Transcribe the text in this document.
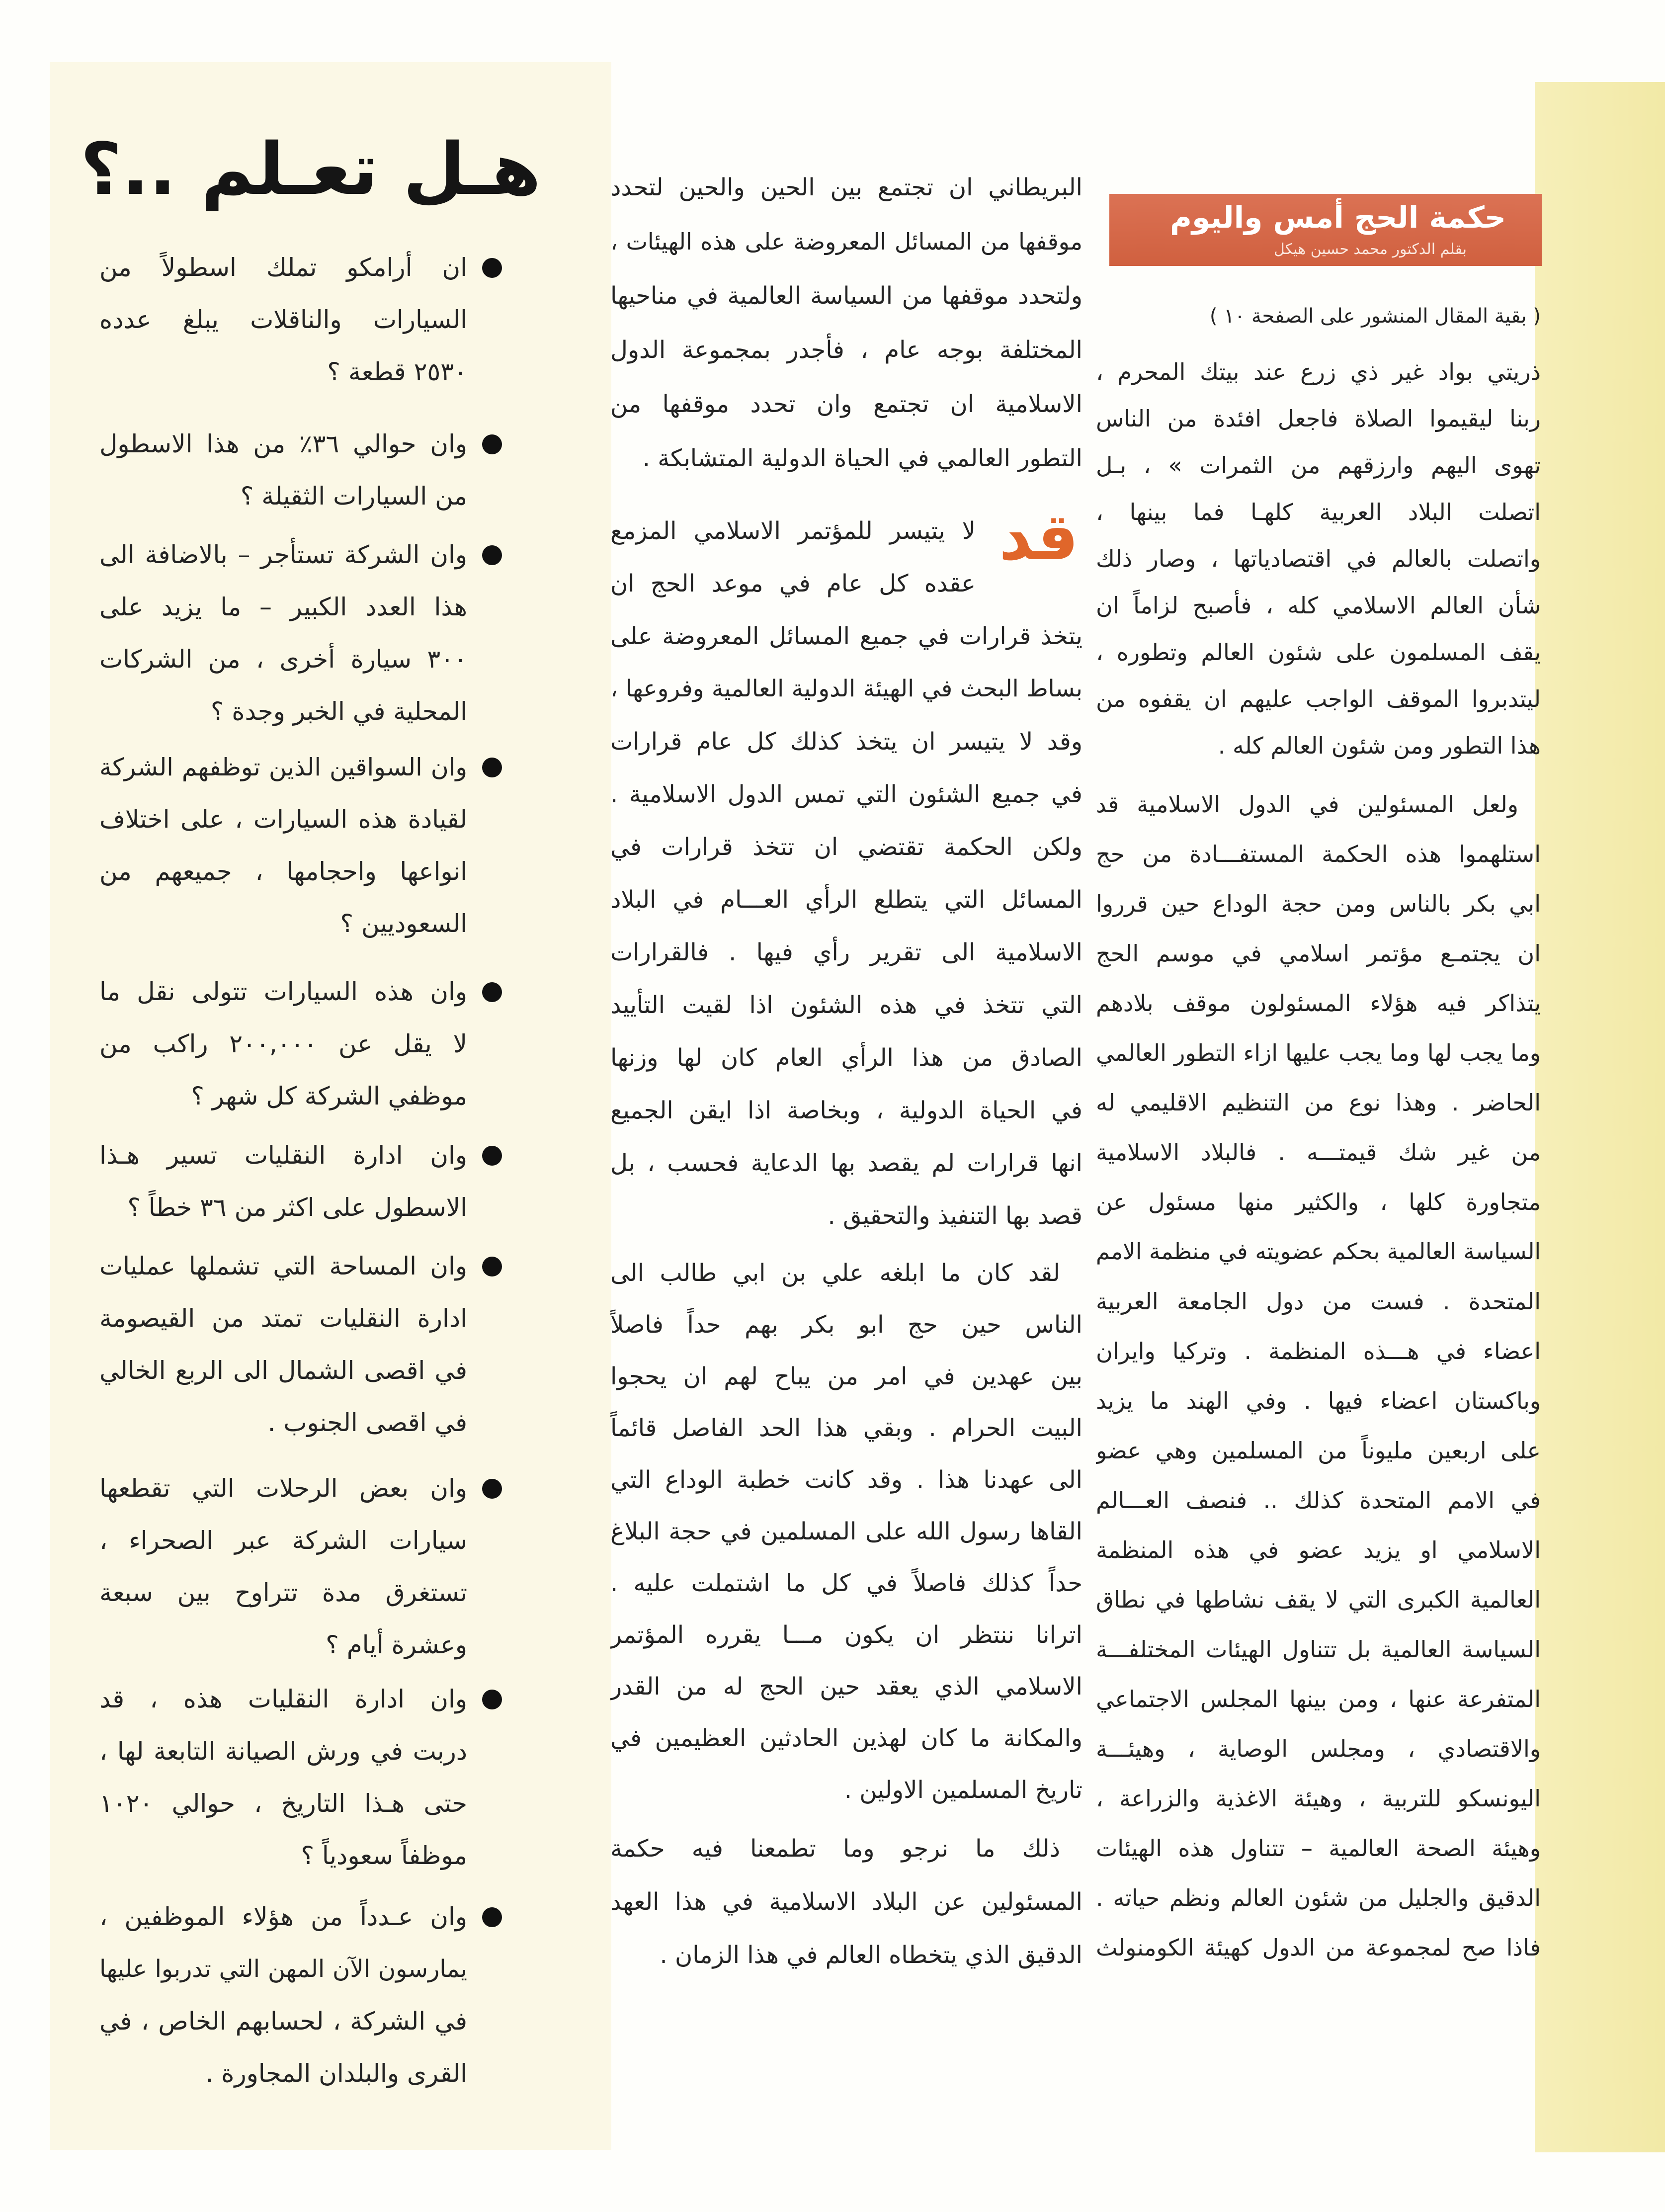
حكمة الحج أمس واليوم
بقلم الدكتور محمد حسين هيكل
( بقية المقال المنشور على الصفحة ١٠ )
ذريتي بواد غير ذي زرع عند بيتك المحرم ،
ربنا ليقيموا الصلاة فاجعل افئدة من الناس
تهوى اليهم وارزقهم من الثمرات » ، بـل
اتصلت البلاد العربية كلهـا فما بينها ،
واتصلت بالعالم في اقتصادياتها ، وصار ذلك
شأن العالم الاسلامي كله ، فأصبح لزاماً ان
يقف المسلمون على شئون العالم وتطوره ،
ليتدبروا الموقف الواجب عليهم ان يقفوه من
هذا التطور ومن شئون العالم كله .
ولعل المسئولين في الدول الاسلامية قد
استلهموا هذه الحكمة المستفـــادة من حج
ابي بكر بالناس ومن حجة الوداع حين قرروا
ان يجتمـع مؤتمر اسلامي في موسم الحج
يتذاكر فيه هؤلاء المسئولون موقف بلادهم
وما يجب لها وما يجب عليها ازاء التطور العالمي
الحاضر . وهذا نوع من التنظيم الاقليمي له
من غير شك قيمتـــه . فالبلاد الاسلامية
متجاورة كلها ، والكثير منها مسئول عن
السياسة العالمية بحكم عضويته في منظمة الامم
المتحدة . فست من دول الجامعة العربية
اعضاء في هـــذه المنظمة . وتركيا وايران
وباكستان اعضاء فيها . وفي الهند ما يزيد
على اربعين مليوناً من المسلمين وهي عضو
في الامم المتحدة كذلك .. فنصف العـــالم
الاسلامي او يزيد عضو في هذه المنظمة
العالمية الكبرى التي لا يقف نشاطها في نطاق
السياسة العالمية بل تتناول الهيئات المختلفـــة
المتفرعة عنها ، ومن بينها المجلس الاجتماعي
والاقتصادي ، ومجلس الوصاية ، وهيئـــة
اليونسكو للتربية ، وهيئة الاغذية والزراعة ،
وهيئة الصحة العالمية – تتناول هذه الهيئات
الدقيق والجليل من شئون العالم ونظم حياته .
فاذا صح لمجموعة من الدول كهيئة الكومنولث
البريطاني ان تجتمع بين الحين والحين لتحدد
موقفها من المسائل المعروضة على هذه الهيئات ،
ولتحدد موقفها من السياسة العالمية في مناحيها
المختلفة بوجه عام ، فأجدر بمجموعة الدول
الاسلامية ان تجتمع وان تحدد موقفها من
التطور العالمي في الحياة الدولية المتشابكة .
قد
لا يتيسر للمؤتمر الاسلامي المزمع
عقده كل عام في موعد الحج ان
يتخذ قرارات في جميع المسائل المعروضة على
بساط البحث في الهيئة الدولية العالمية وفروعها ،
وقد لا يتيسر ان يتخذ كذلك كل عام قرارات
في جميع الشئون التي تمس الدول الاسلامية .
ولكن الحكمة تقتضي ان تتخذ قرارات في
المسائل التي يتطلع الرأي العـــام في البلاد
الاسلامية الى تقرير رأي فيها . فالقرارات
التي تتخذ في هذه الشئون اذا لقيت التأييد
الصادق من هذا الرأي العام كان لها وزنها
في الحياة الدولية ، وبخاصة اذا ايقن الجميع
انها قرارات لم يقصد بها الدعاية فحسب ، بل
قصد بها التنفيذ والتحقيق .
لقد كان ما ابلغه علي بن ابي طالب الى
الناس حين حج ابو بكر بهم حداً فاصلاً
بين عهدين في امر من يباح لهم ان يحجوا
البيت الحرام . وبقي هذا الحد الفاصل قائماً
الى عهدنا هذا . وقد كانت خطبة الوداع التي
القاها رسول الله على المسلمين في حجة البلاغ
حداً كذلك فاصلاً في كل ما اشتملت عليه .
اترانا ننتظر ان يكون مـــا يقرره المؤتمر
الاسلامي الذي يعقد حين الحج له من القدر
والمكانة ما كان لهذين الحادثين العظيمين في
تاريخ المسلمين الاولين .
ذلك ما نرجو وما تطمعنا فيه حكمة
المسئولين عن البلاد الاسلامية في هذا العهد
الدقيق الذي يتخطاه العالم في هذا الزمان .
هـل تعـلم ..؟
ان أرامكو تملك اسطولاً من
السيارات والناقلات يبلغ عدده
٢٥٣٠ قطعة ؟
وان حوالي ٣٦٪ من هذا الاسطول
من السيارات الثقيلة ؟
وان الشركة تستأجر – بالاضافة الى
هذا العدد الكبير – ما يزيد على
٣٠٠ سيارة أخرى ، من الشركات
المحلية في الخبر وجدة ؟
وان السواقين الذين توظفهم الشركة
لقيادة هذه السيارات ، على اختلاف
انواعها واحجامها ، جميعهم من
السعوديين ؟
وان هذه السيارات تتولى نقل ما
لا يقل عن ٢٠٠,٠٠٠ راكب من
موظفي الشركة كل شهر ؟
وان ادارة النقليات تسير هـذا
الاسطول على اكثر من ٣٦ خطاً ؟
وان المساحة التي تشملها عمليات
ادارة النقليات تمتد من القيصومة
في اقصى الشمال الى الربع الخالي
في اقصى الجنوب .
وان بعض الرحلات التي تقطعها
سيارات الشركة عبر الصحراء ،
تستغرق مدة تتراوح بين سبعة
وعشرة أيام ؟
وان ادارة النقليات هذه ، قد
دربت في ورش الصيانة التابعة لها ،
حتى هـذا التاريخ ، حوالي ١٠٢٠
موظفاً سعودياً ؟
وان عـدداً من هؤلاء الموظفين ،
يمارسون الآن المهن التي تدربوا عليها
في الشركة ، لحسابهم الخاص ، في
القرى والبلدان المجاورة .
